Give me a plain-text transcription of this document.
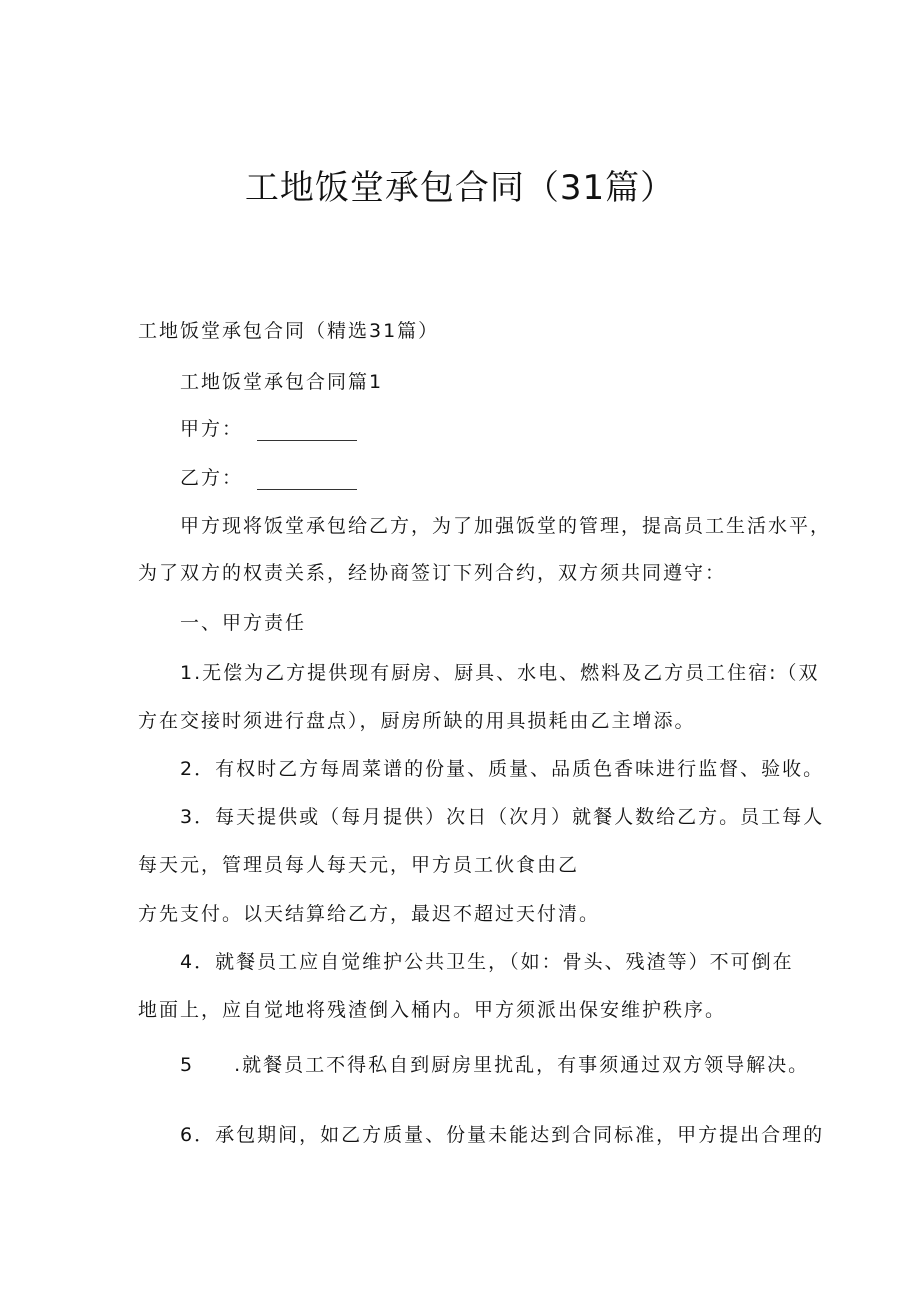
工地饭堂承包合同（31篇）

工地饭堂承包合同（精选31篇）

工地饭堂承包合同篇1

甲方：

乙方：

甲方现将饭堂承包给乙方，为了加强饭堂的管理，提高员工生活水平，

为了双方的权责关系，经协商签订下列合约，双方须共同遵守：

一、甲方责任

1.无偿为乙方提供现有厨房、厨具、水电、燃料及乙方员工住宿:（双

方在交接时须进行盘点），厨房所缺的用具损耗由乙主增添。

2．有权时乙方每周菜谱的份量、质量、品质色香味进行监督、验收。

3．每天提供或（每月提供）次日（次月）就餐人数给乙方。员工每人

每天元，管理员每人每天元，甲方员工伙食由乙

方先支付。以天结算给乙方，最迟不超过天付清。

4．就餐员工应自觉维护公共卫生，（如：骨头、残渣等）不可倒在

地面上，应自觉地将残渣倒入桶内。甲方须派出保安维护秩序。

5 .就餐员工不得私自到厨房里扰乱，有事须通过双方领导解决。

6．承包期间，如乙方质量、份量未能达到合同标准，甲方提出合理的
